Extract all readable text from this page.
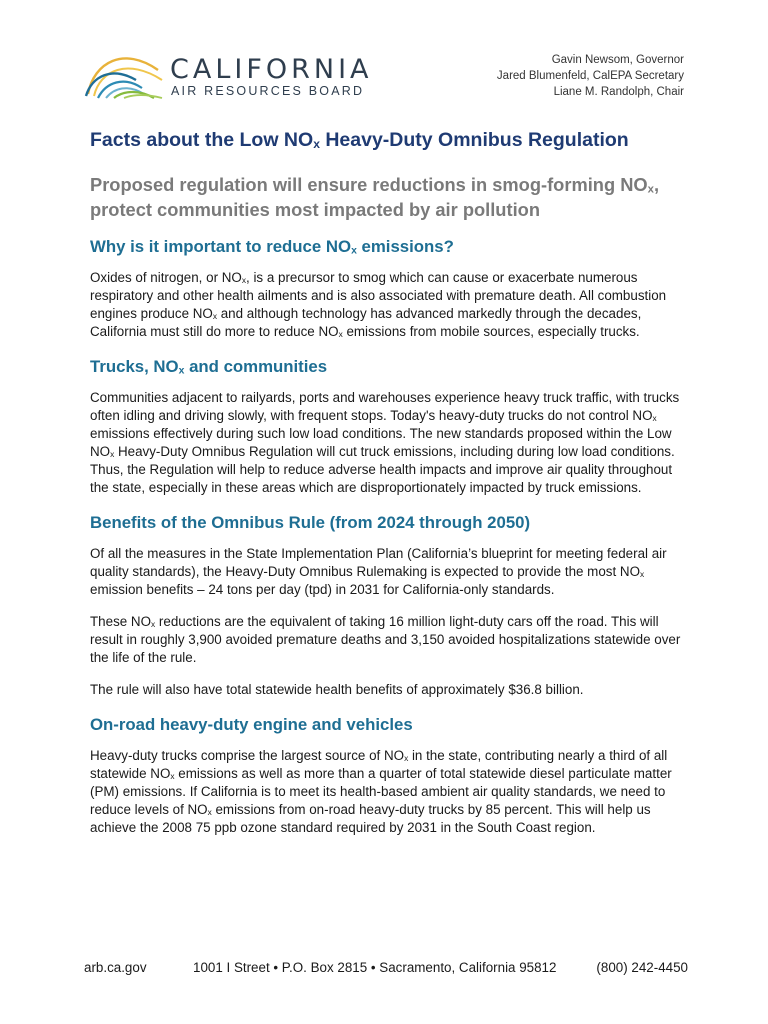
CALIFORNIA
AIR RESOURCES BOARD
Gavin Newsom, Governor
Jared Blumenfeld, CalEPA Secretary
Liane M. Randolph, Chair
Facts about the Low NOx Heavy-Duty Omnibus Regulation
Proposed regulation will ensure reductions in smog-forming NOx,
protect communities most impacted by air pollution
Why is it important to reduce NOx emissions?

Oxides of nitrogen, or NOx, is a precursor to smog which can cause or exacerbate numerous respiratory and other health ailments and is also associated with premature death. All combustion engines produce NOx and although technology has advanced markedly through the decades, California must still do more to reduce NOx emissions from mobile sources, especially trucks.

Trucks, NOx and communities

Communities adjacent to railyards, ports and warehouses experience heavy truck traffic, with trucks often idling and driving slowly, with frequent stops. Today's heavy-duty trucks do not control NOx emissions effectively during such low load conditions. The new standards proposed within the Low NOx Heavy-Duty Omnibus Regulation will cut truck emissions, including during low load conditions. Thus, the Regulation will help to reduce adverse health impacts and improve air quality throughout the state, especially in these areas which are disproportionately impacted by truck emissions.

Benefits of the Omnibus Rule (from 2024 through 2050)

Of all the measures in the State Implementation Plan (California’s blueprint for meeting federal air quality standards), the Heavy-Duty Omnibus Rulemaking is expected to provide the most NOx emission benefits – 24 tons per day (tpd) in 2031 for California-only standards.

These NOx reductions are the equivalent of taking 16 million light-duty cars off the road. This will result in roughly 3,900 avoided premature deaths and 3,150 avoided hospitalizations statewide over the life of the rule.

The rule will also have total statewide health benefits of approximately $36.8 billion.

On-road heavy-duty engine and vehicles

Heavy-duty trucks comprise the largest source of NOx in the state, contributing nearly a third of all statewide NOx emissions as well as more than a quarter of total statewide diesel particulate matter (PM) emissions. If California is to meet its health-based ambient air quality standards, we need to reduce levels of NOx emissions from on-road heavy-duty trucks by 85 percent. This will help us achieve the 2008 75 ppb ozone standard required by 2031 in the South Coast region.

arb.ca.gov	1001 I Street • P.O. Box 2815 • Sacramento, California 95812	(800) 242-4450
